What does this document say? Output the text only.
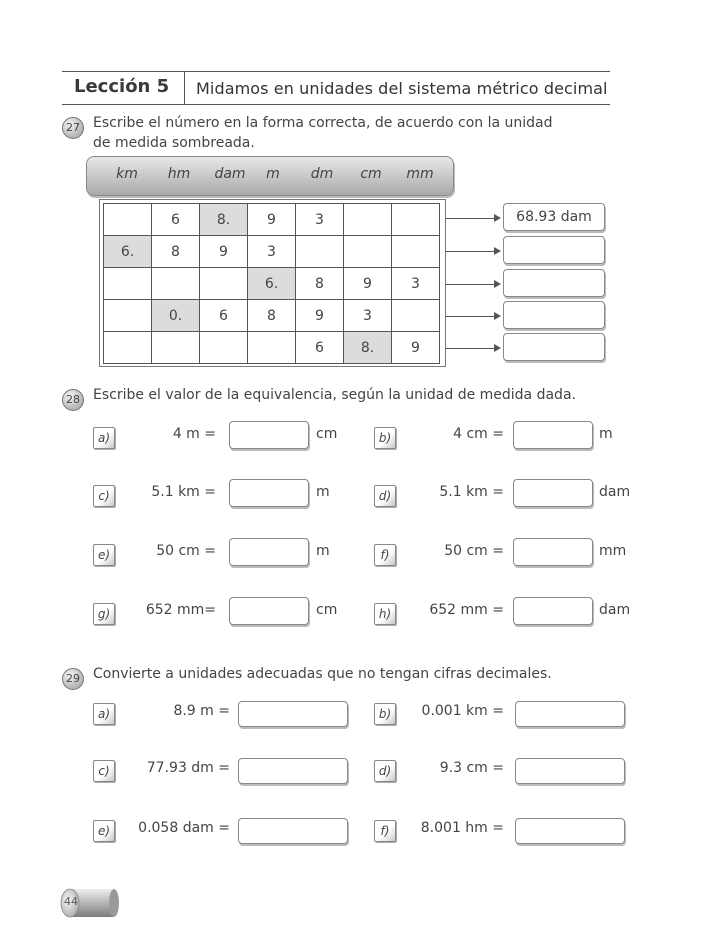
Lección 5 Midamos en unidades del sistema métrico decimal
27 Escribe el número en la forma correcta, de acuerdo con la unidad
de medida sombreada.
km	hm	dam	m	dm	cm	mm
	6	8.	9	3		
6.	8	9	3			
			6.	8	9	3
	0.	6	8	9	3	
				6	8.	9
68.93 dam
28 Escribe el valor de la equivalencia, según la unidad de medida dada.
a)	4 m =	cm	b)	4 cm =	m
c)	5.1 km =	m	d)	5.1 km =	dam
e)	50 cm =	m	f)	50 cm =	mm
g)	652 mm=	cm	h)	652 mm =	dam
29 Convierte a unidades adecuadas que no tengan cifras decimales.
a)	8.9 m =	b)	0.001 km =
c)	77.93 dm =	d)	9.3 cm =
e)	0.058 dam =	f)	8.001 hm =
44
